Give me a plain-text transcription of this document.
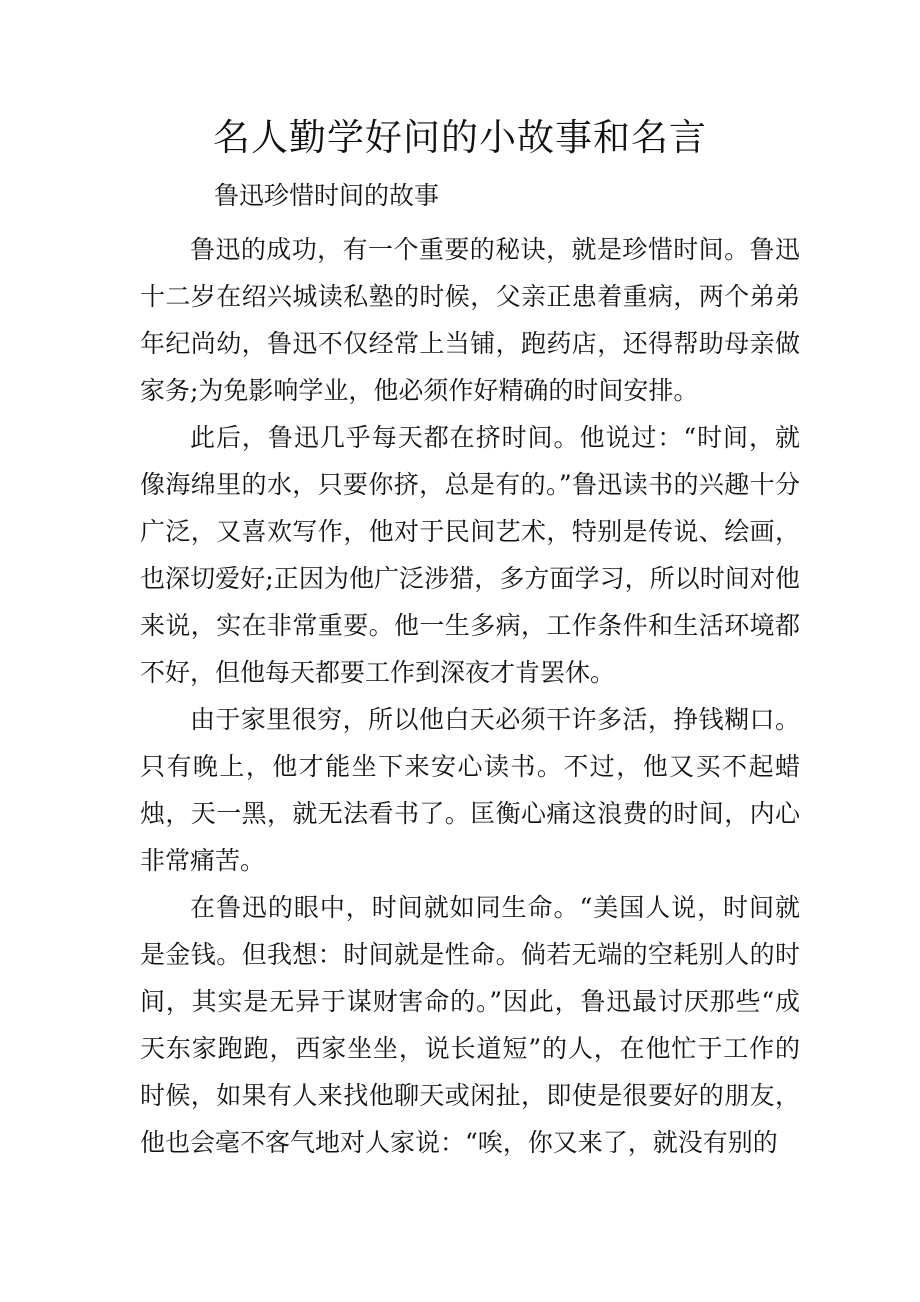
名人勤学好问的小故事和名言

鲁迅珍惜时间的故事

鲁迅的成功，有一个重要的秘诀，就是珍惜时间。鲁迅十二岁在绍兴城读私塾的时候，父亲正患着重病，两个弟弟年纪尚幼，鲁迅不仅经常上当铺，跑药店，还得帮助母亲做家务;为免影响学业，他必须作好精确的时间安排。

此后，鲁迅几乎每天都在挤时间。他说过：“时间，就像海绵里的水，只要你挤，总是有的。”鲁迅读书的兴趣十分广泛，又喜欢写作，他对于民间艺术，特别是传说、绘画，也深切爱好;正因为他广泛涉猎，多方面学习，所以时间对他来说，实在非常重要。他一生多病，工作条件和生活环境都不好，但他每天都要工作到深夜才肯罢休。

由于家里很穷，所以他白天必须干许多活，挣钱糊口。只有晚上，他才能坐下来安心读书。不过，他又买不起蜡烛，天一黑，就无法看书了。匡衡心痛这浪费的时间，内心非常痛苦。

在鲁迅的眼中，时间就如同生命。“美国人说，时间就是金钱。但我想：时间就是性命。倘若无端的空耗别人的时间，其实是无异于谋财害命的。”因此，鲁迅最讨厌那些“成天东家跑跑，西家坐坐，说长道短”的人，在他忙于工作的时候，如果有人来找他聊天或闲扯，即使是很要好的朋友，他也会毫不客气地对人家说：“唉，你又来了，就没有别的
